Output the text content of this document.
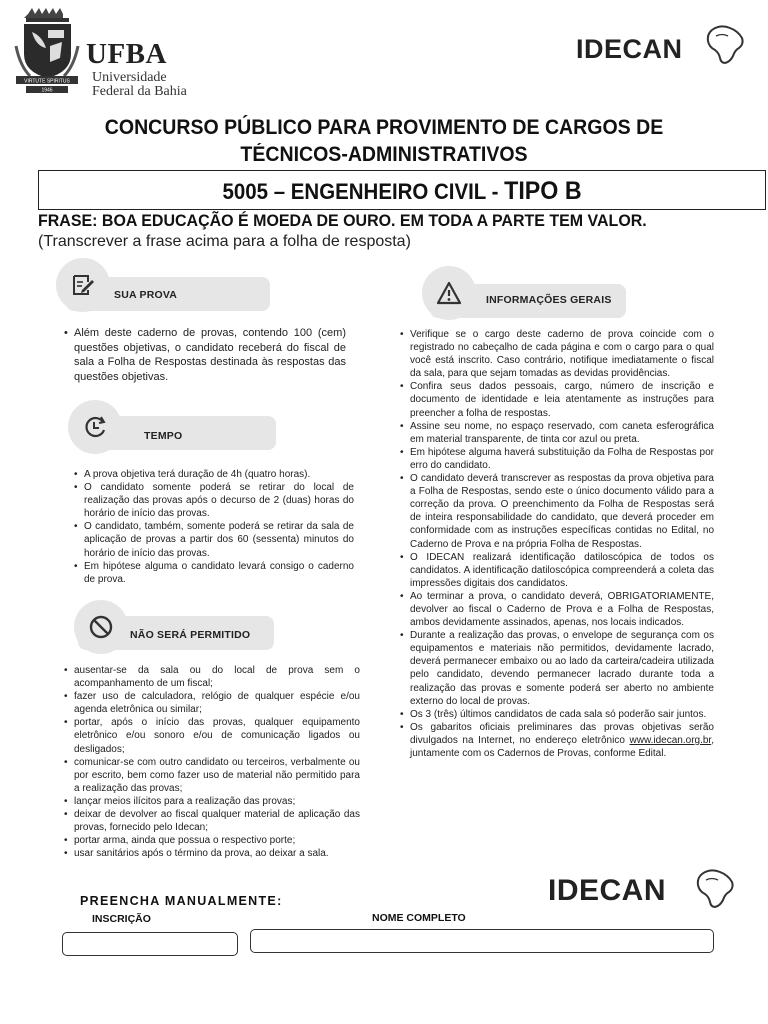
VIRTUTE SPIRITUS
1946
UFBA
Universidade
Federal da Bahia
IDECAN
CONCURSO PÚBLICO PARA PROVIMENTO DE CARGOS DE
TÉCNICOS-ADMINISTRATIVOS
5005 – ENGENHEIRO CIVIL - TIPO B
FRASE: BOA EDUCAÇÃO É MOEDA DE OURO. EM TODA A PARTE TEM VALOR.
(Transcrever a frase acima para a folha de resposta)
SUA PROVA
• Além deste caderno de provas, contendo 100 (cem) questões objetivas, o candidato receberá do fiscal de sala a Folha de Respostas destinada às respostas das questões objetivas.
TEMPO
• A prova objetiva terá duração de 4h (quatro horas).
• O candidato somente poderá se retirar do local de realização das provas após o decurso de 2 (duas) horas do horário de início das provas.
• O candidato, também, somente poderá se retirar da sala de aplicação de provas a partir dos 60 (sessenta) minutos do horário de início das provas.
• Em hipótese alguma o candidato levará consigo o caderno de prova.
NÃO SERÁ PERMITIDO
• ausentar-se da sala ou do local de prova sem o acompanhamento de um fiscal;
• fazer uso de calculadora, relógio de qualquer espécie e/ou agenda eletrônica ou similar;
• portar, após o início das provas, qualquer equipamento eletrônico e/ou sonoro e/ou de comunicação ligados ou desligados;
• comunicar-se com outro candidato ou terceiros, verbalmente ou por escrito, bem como fazer uso de material não permitido para a realização das provas;
• lançar meios ilícitos para a realização das provas;
• deixar de devolver ao fiscal qualquer material de aplicação das provas, fornecido pelo Idecan;
• portar arma, ainda que possua o respectivo porte;
• usar sanitários após o término da prova, ao deixar a sala.
INFORMAÇÕES GERAIS
• Verifique se o cargo deste caderno de prova coincide com o registrado no cabeçalho de cada página e com o cargo para o qual você está inscrito. Caso contrário, notifique imediatamente o fiscal da sala, para que sejam tomadas as devidas providências.
• Confira seus dados pessoais, cargo, número de inscrição e documento de identidade e leia atentamente as instruções para preencher a folha de respostas.
• Assine seu nome, no espaço reservado, com caneta esferográfica em material transparente, de tinta cor azul ou preta.
• Em hipótese alguma haverá substituição da Folha de Respostas por erro do candidato.
• O candidato deverá transcrever as respostas da prova objetiva para a Folha de Respostas, sendo este o único documento válido para a correção da prova. O preenchimento da Folha de Respostas será de inteira responsabilidade do candidato, que deverá proceder em conformidade com as instruções específicas contidas no Edital, no Caderno de Prova e na própria Folha de Respostas.
• O IDECAN realizará identificação datiloscópica de todos os candidatos. A identificação datiloscópica compreenderá a coleta das impressões digitais dos candidatos.
• Ao terminar a prova, o candidato deverá, OBRIGATORIAMENTE, devolver ao fiscal o Caderno de Prova e a Folha de Respostas, ambos devidamente assinados, apenas, nos locais indicados.
• Durante a realização das provas, o envelope de segurança com os equipamentos e materiais não permitidos, devidamente lacrado, deverá permanecer embaixo ou ao lado da carteira/cadeira utilizada pelo candidato, devendo permanecer lacrado durante toda a realização das provas e somente poderá ser aberto no ambiente externo do local de provas.
• Os 3 (três) últimos candidatos de cada sala só poderão sair juntos.
• Os gabaritos oficiais preliminares das provas objetivas serão divulgados na Internet, no endereço eletrônico www.idecan.org.br, juntamente com os Cadernos de Provas, conforme Edital.
IDECAN
PREENCHA MANUALMENTE:
INSCRIÇÃO	NOME COMPLETO
